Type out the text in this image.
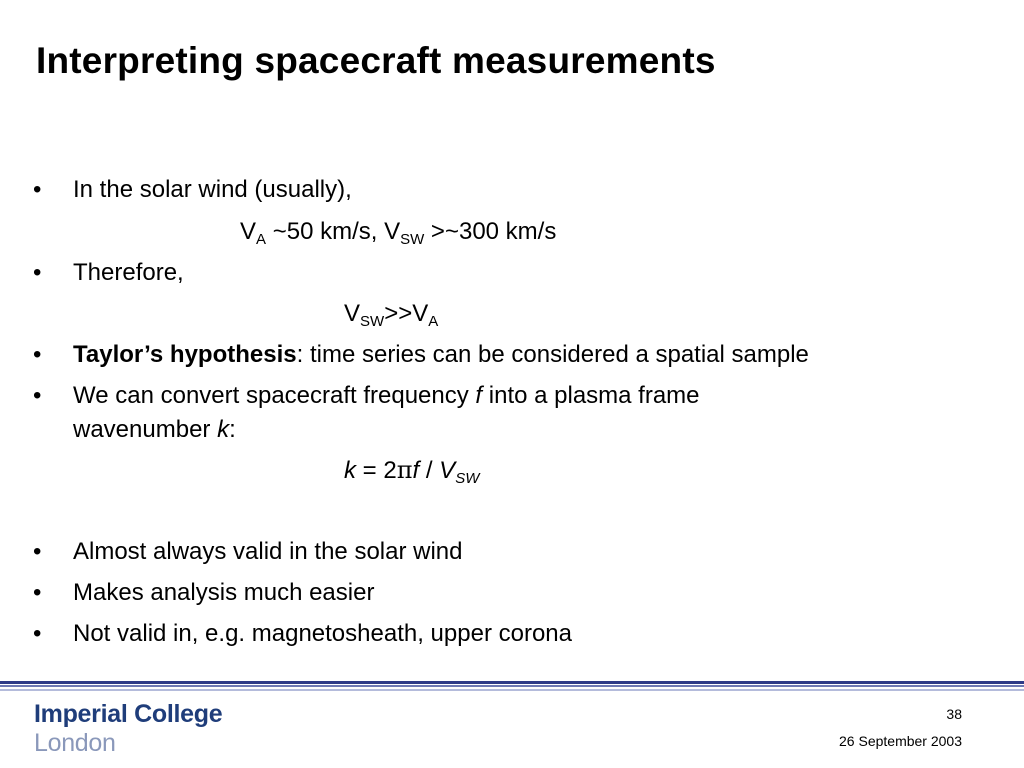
Interpreting spacecraft measurements
• In the solar wind (usually),
$V_A$ ~50 km/s, $V_{SW}$ >~300 km/s
• Therefore,
$V_{SW}>>V_A$
• Taylor’s hypothesis: time series can be considered a spatial sample
• We can convert spacecraft frequency f into a plasma frame
wavenumber k:
$k = 2\pi f / V_{SW}$
• Almost always valid in the solar wind
• Makes analysis much easier
• Not valid in, e.g. magnetosheath, upper corona
Imperial College
London
38
26 September 2003
